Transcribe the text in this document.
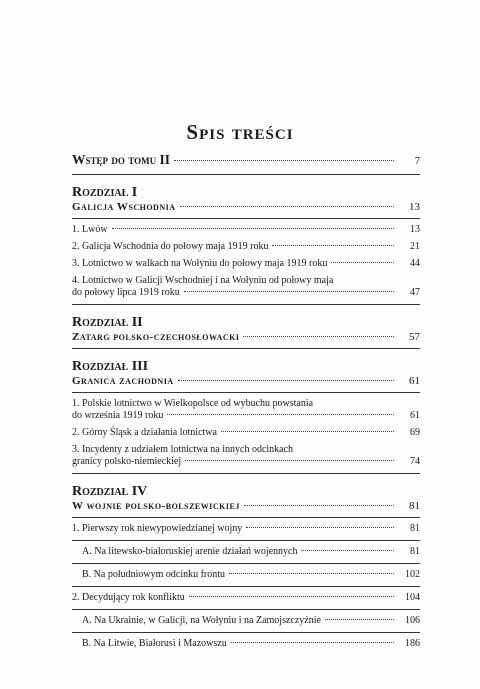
Spis treści
Wstęp do tomu II	7
Rozdział I
Galicja Wschodnia	13
1. Lwów	13
2. Galicja Wschodnia do połowy maja 1919 roku	21
3. Lotnictwo w walkach na Wołyniu do połowy maja 1919 roku	44
4. Lotnictwo w Galicji Wschodniej i na Wołyniu od połowy maja
do połowy lipca 1919 roku	47
Rozdział II
Zatarg polsko-czechosłowacki	57
Rozdział III
Granica zachodnia	61
1. Polskie lotnictwo w Wielkopolsce od wybuchu powstania
do września 1919 roku	61
2. Górny Śląsk a działania lotnictwa	69
3. Incydenty z udziałem lotnictwa na innych odcinkach
granicy polsko-niemieckiej	74
Rozdział IV
W wojnie polsko-bolszewickiej	81
1. Pierwszy rok niewypowiedzianej wojny	81
A. Na litewsko-białoruskiej arenie działań wojennych	81
B. Na południowym odcinku frontu	102
2. Decydujący rok konfliktu	104
A. Na Ukrainie, w Galicji, na Wołyniu i na Zamojszczyźnie	106
B. Na Litwie, Białorusi i Mazowszu	186
